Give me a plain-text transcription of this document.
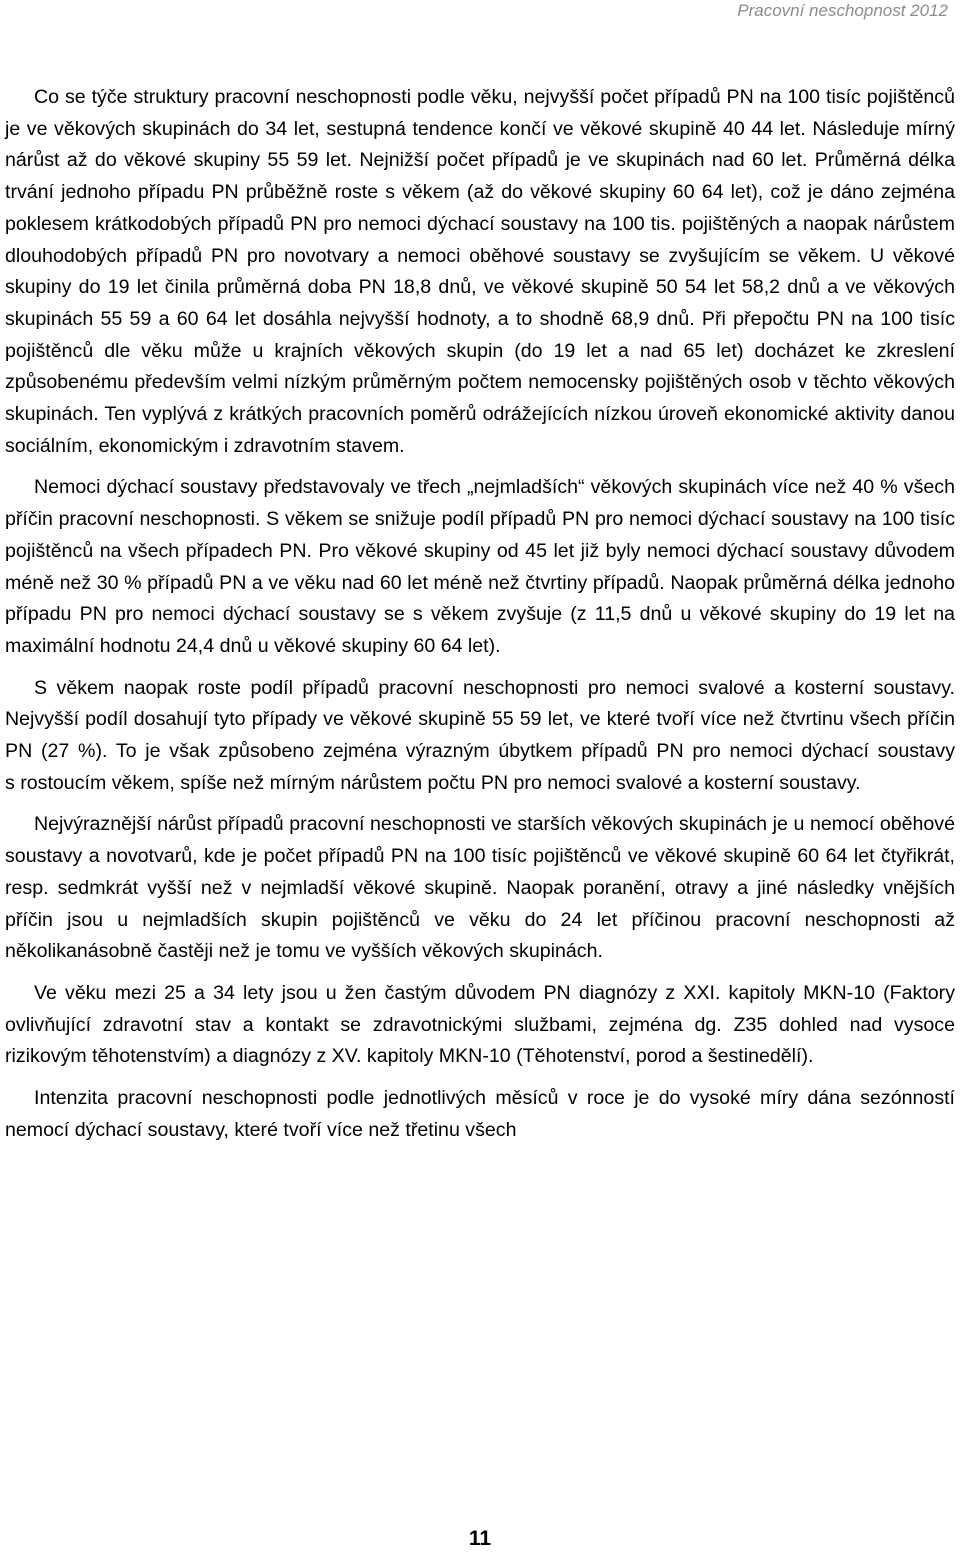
Pracovní neschopnost 2012

Co se týče struktury pracovní neschopnosti podle věku, nejvyšší počet případů PN na 100 tisíc pojištěnců je ve věkových skupinách do 34 let, sestupná tendence končí ve věkové skupině 40 44 let. Následuje mírný nárůst až do věkové skupiny 55 59 let. Nejnižší počet případů je ve skupinách nad 60 let. Průměrná délka trvání jednoho případu PN průběžně roste s věkem (až do věkové skupiny 60 64 let), což je dáno zejména poklesem krátkodobých případů PN pro nemoci dýchací soustavy na 100 tis. pojištěných a naopak nárůstem dlouhodobých případů PN pro novotvary a nemoci oběhové soustavy se zvyšujícím se věkem. U věkové skupiny do 19 let činila průměrná doba PN 18,8 dnů, ve věkové skupině 50 54 let 58,2 dnů a ve věkových skupinách 55 59 a 60 64 let dosáhla nejvyšší hodnoty, a to shodně 68,9 dnů. Při přepočtu PN na 100 tisíc pojištěnců dle věku může u krajních věkových skupin (do 19 let a nad 65 let) docházet ke zkreslení způsobenému především velmi nízkým průměrným počtem nemocensky pojištěných osob v těchto věkových skupinách. Ten vyplývá z krátkých pracovních poměrů odrážejících nízkou úroveň ekonomické aktivity danou sociálním, ekonomickým i zdravotním stavem.

Nemoci dýchací soustavy představovaly ve třech „nejmladších“ věkových skupinách více než 40 % všech příčin pracovní neschopnosti. S věkem se snižuje podíl případů PN pro nemoci dýchací soustavy na 100 tisíc pojištěnců na všech případech PN. Pro věkové skupiny od 45 let již byly nemoci dýchací soustavy důvodem méně než 30 % případů PN a ve věku nad 60 let méně než čtvrtiny případů. Naopak průměrná délka jednoho případu PN pro nemoci dýchací soustavy se s věkem zvyšuje (z 11,5 dnů u věkové skupiny do 19 let na maximální hodnotu 24,4 dnů u věkové skupiny 60 64 let).

S věkem naopak roste podíl případů pracovní neschopnosti pro nemoci svalové a kosterní soustavy. Nejvyšší podíl dosahují tyto případy ve věkové skupině 55 59 let, ve které tvoří více než čtvrtinu všech příčin PN (27 %). To je však způsobeno zejména výrazným úbytkem případů PN pro nemoci dýchací soustavy s rostoucím věkem, spíše než mírným nárůstem počtu PN pro nemoci svalové a kosterní soustavy.

Nejvýraznější nárůst případů pracovní neschopnosti ve starších věkových skupinách je u nemocí oběhové soustavy a novotvarů, kde je počet případů PN na 100 tisíc pojištěnců ve věkové skupině 60 64 let čtyřikrát, resp. sedmkrát vyšší než v nejmladší věkové skupině. Naopak poranění, otravy a jiné následky vnějších příčin jsou u nejmladších skupin pojištěnců ve věku do 24 let příčinou pracovní neschopnosti až několikanásobně častěji než je tomu ve vyšších věkových skupinách.

Ve věku mezi 25 a 34 lety jsou u žen častým důvodem PN diagnózy z XXI. kapitoly MKN-10 (Faktory ovlivňující zdravotní stav a kontakt se zdravotnickými službami, zejména dg. Z35 dohled nad vysoce rizikovým těhotenstvím) a diagnózy z XV. kapitoly MKN-10 (Těhotenství, porod a šestinedělí).

Intenzita pracovní neschopnosti podle jednotlivých měsíců v roce je do vysoké míry dána sezónností nemocí dýchací soustavy, které tvoří více než třetinu všech

11
